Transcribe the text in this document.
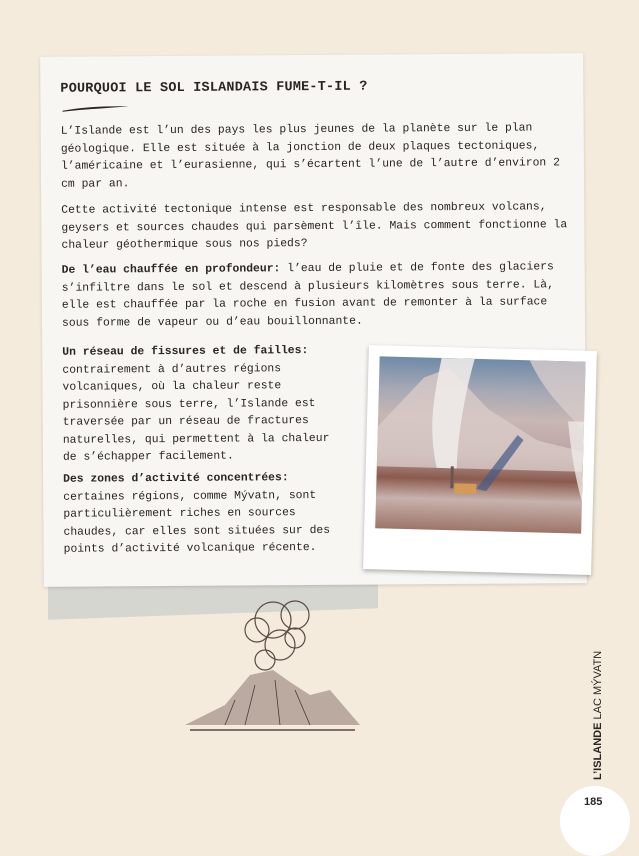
POURQUOI LE SOL ISLANDAIS FUME-T-IL ?

L’Islande est l’un des pays les plus jeunes de la planète sur le plan géologique. Elle est située à la jonction de deux plaques tectoniques, l’américaine et l’eurasienne, qui s’écartent l’une de l’autre d’environ 2 cm par an.

Cette activité tectonique intense est responsable des nombreux volcans, geysers et sources chaudes qui parsèment l’île. Mais comment fonctionne la chaleur géothermique sous nos pieds?

De l’eau chauffée en profondeur: l’eau de pluie et de fonte des glaciers s’infiltre dans le sol et descend à plusieurs kilomètres sous terre. Là, elle est chauffée par la roche en fusion avant de remonter à la surface sous forme de vapeur ou d’eau bouillonnante.

Un réseau de fissures et de failles:
contrairement à d’autres régions volcaniques, où la chaleur reste prisonnière sous terre, l’Islande est traversée par un réseau de fractures naturelles, qui permettent à la chaleur de s’échapper facilement.

Des zones d’activité concentrées:
certaines régions, comme Mývatn, sont particulièrement riches en sources chaudes, car elles sont situées sur des points d’activité volcanique récente.

L’ISLANDE LAC MÝVATN
185
